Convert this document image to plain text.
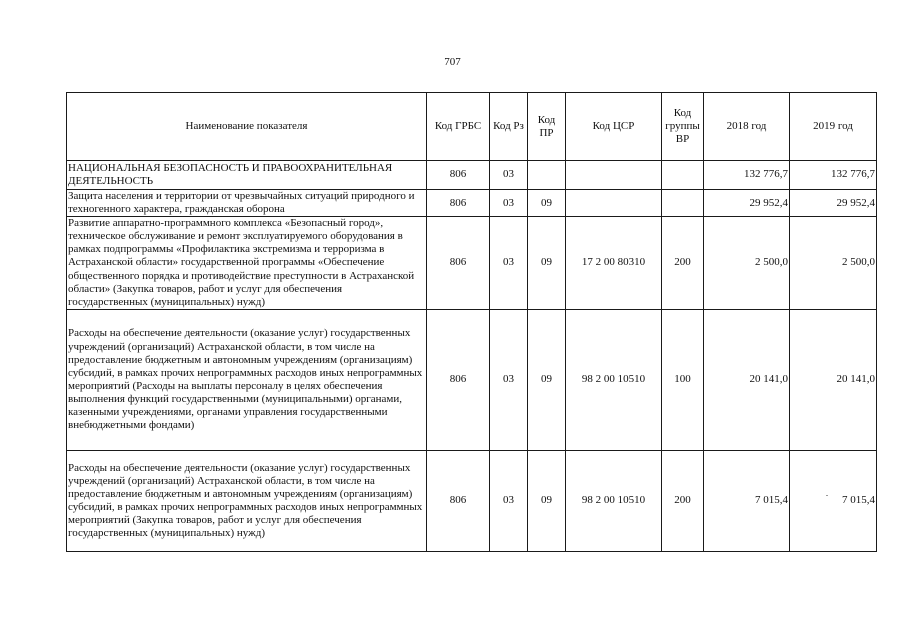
707
Наименование показателя	Код ГРБС	Код Рз	Код ПР	Код ЦСР	Код группы ВР	2018 год	2019 год
НАЦИОНАЛЬНАЯ БЕЗОПАСНОСТЬ И ПРАВООХРАНИТЕЛЬНАЯ ДЕЯТЕЛЬНОСТЬ	806	03				132 776,7	132 776,7
Защита населения и территории от чрезвычайных ситуаций природного и техногенного характера, гражданская оборона	806	03	09			29 952,4	29 952,4
Развитие аппаратно-программного комплекса «Безопасный город», техническое обслуживание и ремонт эксплуатируемого оборудования в рамках подпрограммы «Профилактика экстремизма и терроризма в Астраханской области» государственной программы «Обеспечение общественного порядка и противодействие преступности в Астраханской области» (Закупка товаров, работ и услуг для обеспечения государственных (муниципальных) нужд)	806	03	09	17 2 00 80310	200	2 500,0	2 500,0
Расходы на обеспечение деятельности (оказание услуг) государственных учреждений (организаций) Астраханской области, в том числе на предоставление бюджетным и автономным учреждениям (организациям) субсидий, в рамках прочих непрограммных расходов иных непрограммных мероприятий (Расходы на выплаты персоналу в целях обеспечения выполнения функций государственными (муниципальными) органами, казенными учреждениями, органами управления государственными внебюджетными фондами)	806	03	09	98 2 00 10510	100	20 141,0	20 141,0
Расходы на обеспечение деятельности (оказание услуг) государственных учреждений (организаций) Астраханской области, в том числе на предоставление бюджетным и автономным учреждениям (организациям) субсидий, в рамках прочих непрограммных расходов иных непрограммных мероприятий (Закупка товаров, работ и услуг для обеспечения государственных (муниципальных) нужд)	806	03	09	98 2 00 10510	200	7 015,4	7 015,4
